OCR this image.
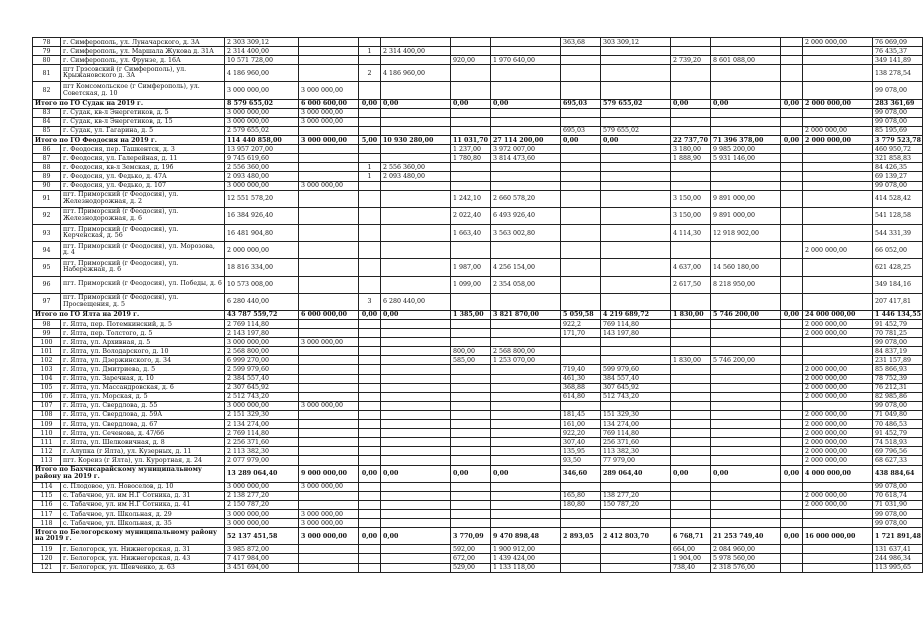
78	г. Симферополь, ул. Луначарского, д. 3А	2 303 309,12						363,68	303 309,12				2 000 000,00	76 069,09
79	г. Симферополь, ул. Маршала Жукова д. 31А	2 314 400,00		1	2 314 400,00									76 435,37
80	г. Симферополь, ул. Фрунзе, д. 16А	10 571 728,00				920,00	1 970 640,00			2 739,20	8 601 088,00			349 141,89
81	пгт Грэсовский (г Симферополь), ул. Крыжановского д. 3А	4 186 960,00		2	4 186 960,00									138 278,54
82	пгт Комсомольское (г Симферополь), ул. Советская, д. 10	3 000 000,00	3 000 000,00											99 078,00
Итого по ГО Судак на 2019 г.		8 579 655,02	6 000 600,00	0,00	0,00	0,00	0,00	695,03	579 655,02	0,00	0,00	0,00	2 000 000,00	283 361,69
83	г. Судак, кв-л Энергетиков, д. 5	3 000 000,00	3 000 000,00											99 078,00
84	г. Судак, кв-л Энергетиков, д. 15	3 000 000,00	3 000 000,00											99 078,00
85	г. Судак, ул. Гагарина, д. 5	2 579 655,02						695,03	579 655,02				2 000 000,00	85 195,69
Итого по ГО Феодосия на 2019 г.		114 440 858,00	3 000 000,00	5,00	10 930 280,00	11 031,70	27 114 200,00	0,00	0,00	22 737,70	71 396 378,00	0,00	2 000 000,00	3 779 523,78
86	г. Феодосия, пер. Ташкентск, д. 3	13 957 207,00				1 237,00	3 972 007,00			3 180,00	9 985 200,00			460 950,72
87	г. Феодосия, ул. Галерейная, д. 11	9 745 619,60				1 780,80	3 814 473,60			1 888,90	5 931 146,00			321 858,83
88	г. Феодосия, кв-л Земская, д. 19б	2 556 360,00		1	2 556 360,00									84 426,35
89	г. Феодосия, ул. Федько, д. 47А	2 093 480,00		1	2 093 480,00									69 139,27
90	г. Феодосия, ул. Федько, д. 107	3 000 000,00	3 000 000,00											99 078,00
91	пгт. Приморский (г Феодосия), ул. Железнодорожная, д. 2	12 551 578,20				1 242,10	2 660 578,20			3 150,00	9 891 000,00			414 528,42
92	пгт. Приморский (г Феодосия), ул. Железнодорожная, д. 6	16 384 926,40				2 022,40	6 493 926,40			3 150,00	9 891 000,00			541 128,58
93	пгт. Приморский (г Феодосия), ул. Керченская, д. 56	16 481 904,80				1 663,40	3 563 002,80			4 114,30	12 918 902,00			544 331,39
94	пгт. Приморский (г Феодосия), ул. Морозова, д. 4	2 000 000,00											2 000 000,00	66 052,00
95	пгт. Приморский (г Феодосия), ул. Набережная, д. 6	18 816 334,00				1 987,00	4 256 154,00			4 637,00	14 560 180,00			621 428,25
96	пгт. Приморский (г Феодосия), ул. Победы, д. 6	10 573 008,00				1 099,00	2 354 058,00			2 617,50	8 218 950,00			349 184,16
97	пгт. Приморский (г Феодосия), ул. Просвещения, д. 5	6 280 440,00		3	6 280 440,00									207 417,81
Итого по ГО Ялта на 2019 г.		43 787 559,72	6 000 000,00	0,00	0,00	1 385,00	3 821 870,00	5 059,58	4 219 689,72	1 830,00	5 746 200,00	0,00	24 000 000,00	1 446 134,55
98	г. Ялта, пер. Потемкинский, д. 5	2 769 114,80						922,2	769 114,80				2 000 000,00	91 452,79
99	г. Ялта, пер. Толстого, д. 5	2 143 197,80						171,70	143 197,80				2 000 000,00	70 781,25
100	г. Ялта, ул. Архивная, д. 5	3 000 000,00	3 000 000,00											99 078,00
101	г. Ялта, ул. Володарского, д. 10	2 568 800,00				800,00	2 568 800,00							84 837,19
102	г. Ялта, ул. Дзержинского, д. 34	6 999 270,00				585,00	1 253 070,00			1 830,00	5 746 200,00			231 157,89
103	г. Ялта, ул. Дмитриева, д. 5	2 599 979,60						719,40	599 979,60				2 000 000,00	85 866,93
104	г. Ялта, ул. Заречная, д. 10	2 384 557,40						461,30	384 557,40				2 000 000,00	78 752,39
105	г. Ялта, ул. Массандровская, д. 6	2 307 645,92						368,88	307 645,92				2 000 000,00	76 212,31
106	г. Ялта, ул. Морская, д. 5	2 512 743,20						614,80	512 743,20				2 000 000,00	82 985,86
107	г. Ялта, ул. Свердлова, д. 55	3 000 000,00	3 000 000,00											99 078,00
108	г. Ялта, ул. Свердлова, д. 59А	2 151 329,30						181,45	151 329,30				2 000 000,00	71 049,80
109	г. Ялта, ул. Свердлова, д. 67	2 134 274,00						161,00	134 274,00				2 000 000,00	70 486,53
110	г. Ялта, ул. Сеченова, д. 47/66	2 769 114,80						922,20	769 114,80				2 000 000,00	91 452,79
111	г. Ялта, ул. Шелковичная, д. 8	2 256 371,60						307,40	256 371,60				2 000 000,00	74 518,93
112	г. Алупка (г Ялта), ул. Кузерных, д. 11	2 113 382,30						135,95	113 382,30				2 000 000,00	69 796,56
113	пгт. Кореиз (г Ялта), ул. Курортная, д. 24	2 077 979,00						93,50	77 979,00				2 000 000,00	68 627,33
Итого по Бахчисарайскому муниципальному району на 2019 г.		13 289 064,40	9 000 000,00	0,00	0,00	0,00	0,00	346,60	289 064,40	0,00	0,00	0,00	4 000 000,00	438 884,64
114	с. Плодовое, ул. Новоселов, д. 10	3 000 000,00	3 000 000,00											99 078,00
115	с. Табачное, ул. им Н.Г Сотника, д. 31	2 138 277,20						165,80	138 277,20				2 000 000,00	70 618,74
116	с. Табачное, ул. им Н.Г Сотника, д. 41	2 150 787,20						180,80	150 787,20				2 000 000,00	71 031,90
117	с. Табачное, ул. Школьная, д. 29	3 000 000,00	3 000 000,00											99 078,00
118	с. Табачное, ул. Школьная, д. 35	3 000 000,00	3 000 000,00											99 078,00
Итого по Белогорскому муниципальному району на 2019 г.		52 137 451,58	3 000 000,00	0,00	0,00	3 770,09	9 470 898,48	2 893,05	2 412 803,70	6 768,71	21 253 749,40	0,00	16 000 000,00	1 721 891,48
119	г. Белогорск, ул. Нижнегорская, д. 31	3 985 872,00				592,00	1 900 912,00			664,00	2 084 960,00			131 637,41
120	г. Белогорск, ул. Нижнегорская, д. 43	7 417 984,00				672,00	1 439 424,00			1 904,00	5 978 560,00			244 986,34
121	г. Белогорск, ул. Шевченко, д. 63	3 451 694,00				529,00	1 133 118,00			738,40	2 318 576,00			113 995,65
